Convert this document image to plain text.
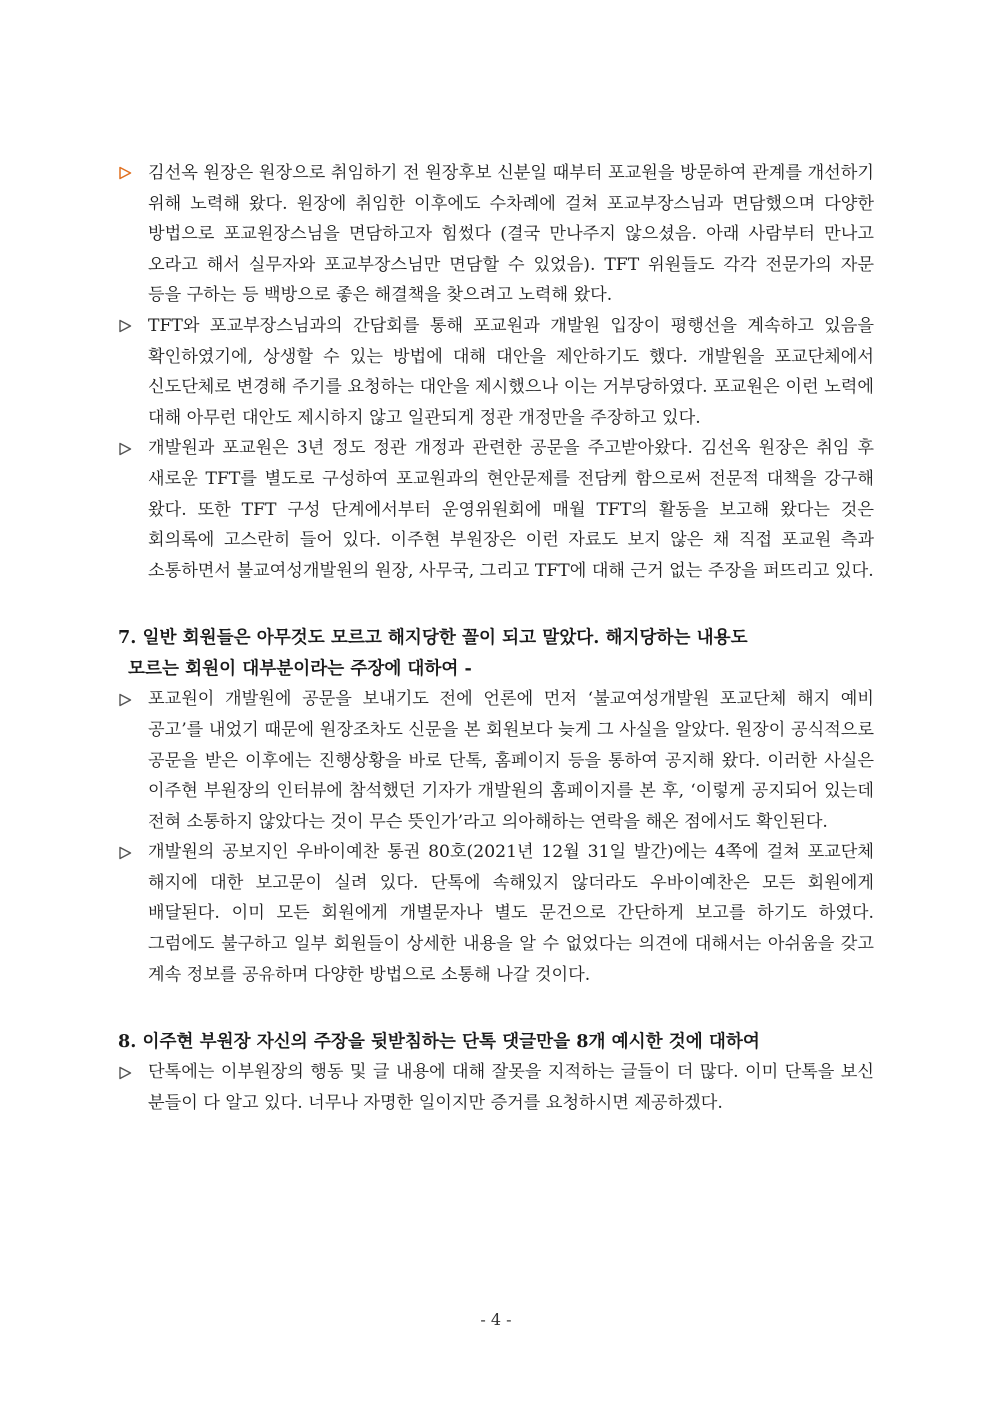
김선옥 원장은 원장으로 취임하기 전 원장후보 신분일 때부터 포교원을 방문하여 관계를 개선하기 위해 노력해 왔다. 원장에 취임한 이후에도 수차례에 걸쳐 포교부장스님과 면담했으며 다양한 방법으로 포교원장스님을 면담하고자 힘썼다 (결국 만나주지 않으셨음. 아래 사람부터 만나고 오라고 해서 실무자와 포교부장스님만 면담할 수 있었음). TFT 위원들도 각각 전문가의 자문 등을 구하는 등 백방으로 좋은 해결책을 찾으려고 노력해 왔다.
TFT와 포교부장스님과의 간담회를 통해 포교원과 개발원 입장이 평행선을 계속하고 있음을 확인하였기에, 상생할 수 있는 방법에 대해 대안을 제안하기도 했다. 개발원을 포교단체에서 신도단체로 변경해 주기를 요청하는 대안을 제시했으나 이는 거부당하였다. 포교원은 이런 노력에 대해 아무런 대안도 제시하지 않고 일관되게 정관 개정만을 주장하고 있다.
개발원과 포교원은 3년 정도 정관 개정과 관련한 공문을 주고받아왔다. 김선옥 원장은 취임 후 새로운 TFT를 별도로 구성하여 포교원과의 현안문제를 전담케 함으로써 전문적 대책을 강구해 왔다. 또한 TFT 구성 단계에서부터 운영위원회에 매월 TFT의 활동을 보고해 왔다는 것은 회의록에 고스란히 들어 있다. 이주현 부원장은 이런 자료도 보지 않은 채 직접 포교원 측과 소통하면서 불교여성개발원의 원장, 사무국, 그리고 TFT에 대해 근거 없는 주장을 퍼뜨리고 있다.
7. 일반 회원들은 아무것도 모르고 해지당한 꼴이 되고 말았다. 해지당하는 내용도
모르는 회원이 대부분이라는 주장에 대하여 -
포교원이 개발원에 공문을 보내기도 전에 언론에 먼저 ‘불교여성개발원 포교단체 해지 예비 공고’를 내었기 때문에 원장조차도 신문을 본 회원보다 늦게 그 사실을 알았다. 원장이 공식적으로 공문을 받은 이후에는 진행상황을 바로 단톡, 홈페이지 등을 통하여 공지해 왔다. 이러한 사실은 이주현 부원장의 인터뷰에 참석했던 기자가 개발원의 홈페이지를 본 후, ‘이렇게 공지되어 있는데 전혀 소통하지 않았다는 것이 무슨 뜻인가’라고 의아해하는 연락을 해온 점에서도 확인된다.
개발원의 공보지인 우바이예찬 통권 80호(2021년 12월 31일 발간)에는 4쪽에 걸쳐 포교단체 해지에 대한 보고문이 실려 있다. 단톡에 속해있지 않더라도 우바이예찬은 모든 회원에게 배달된다. 이미 모든 회원에게 개별문자나 별도 문건으로 간단하게 보고를 하기도 하였다. 그럼에도 불구하고 일부 회원들이 상세한 내용을 알 수 없었다는 의견에 대해서는 아쉬움을 갖고 계속 정보를 공유하며 다양한 방법으로 소통해 나갈 것이다.
8. 이주현 부원장 자신의 주장을 뒷받침하는 단톡 댓글만을 8개 예시한 것에 대하여
단톡에는 이부원장의 행동 및 글 내용에 대해 잘못을 지적하는 글들이 더 많다. 이미 단톡을 보신 분들이 다 알고 있다. 너무나 자명한 일이지만 증거를 요청하시면 제공하겠다.
- 4 -
